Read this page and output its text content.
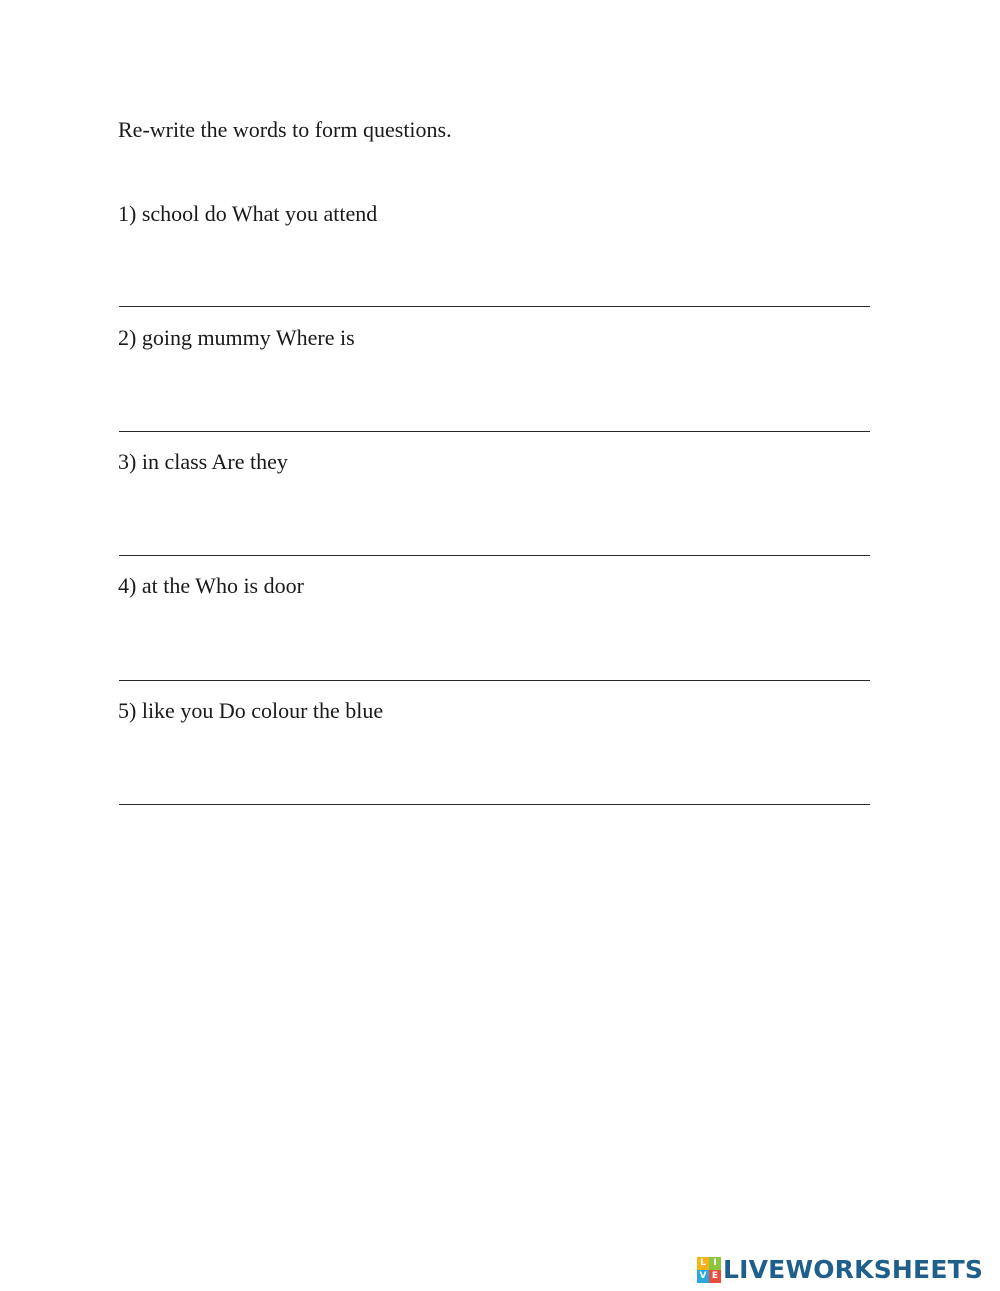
Re-write the words to form questions.

1) school do What you attend

2) going mummy Where is

3) in class Are they

4) at the Who is door

5) like you Do colour the blue

L I
V E LIVEWORKSHEETS
